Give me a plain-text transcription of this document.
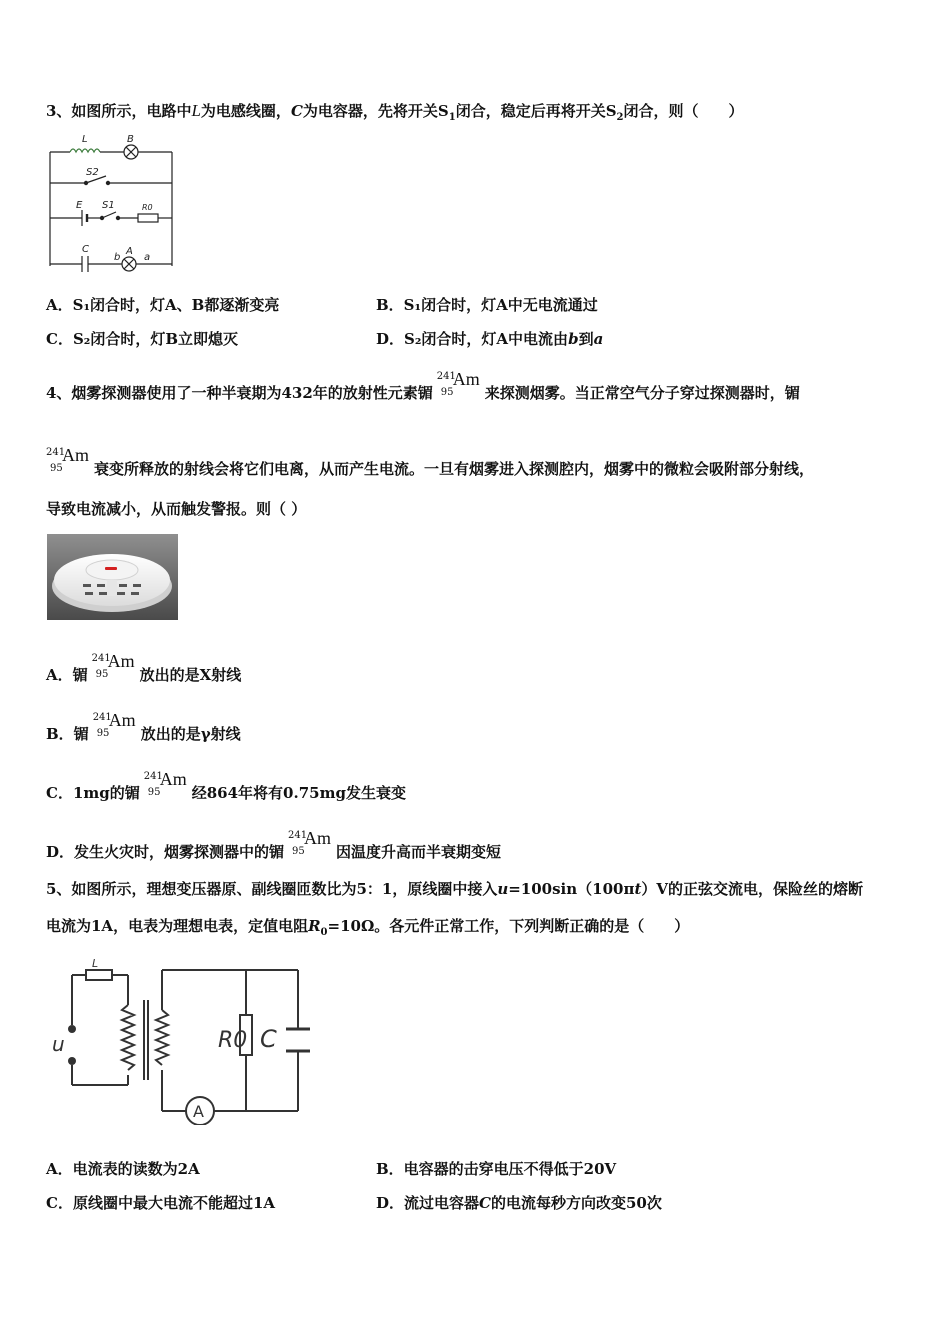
3、如图所示，电路中L为电感线圈，C为电容器，先将开关$S_1$闭合，稳定后再将开关$S_2$闭合，则（　　）
L	B
S2
E S1	R0
C
b
A
a
A．S₁闭合时，灯A、B都逐渐变亮	B．S₁闭合时，灯A中无电流通过
C．S₂闭合时，灯B立即熄灭	D．S₂闭合时，灯A中电流由b到a
4、烟雾探测器使用了一种半衰期为432年的放射性元素镅
241
95
Am
来探测烟雾。当正常空气分子穿过探测器时，镅
241
95
Am
衰变所释放的射线会将它们电离，从而产生电流。一旦有烟雾进入探测腔内，烟雾中的微粒会吸附部分射线，
导致电流减小，从而触发警报。则（ ）
A．镅
241
95
Am
放出的是X射线
B．镅
241
95
Am
放出的是γ射线
C．1mg的镅
241
95
Am
经864年将有0.75mg发生衰变
D．发生火灾时，烟雾探测器中的镅
241
95
Am
因温度升高而半衰期变短
5、如图所示，理想变压器原、副线圈匝数比为5：1，原线圈中接入u=100sin（100πt）V的正弦交流电，保险丝的熔断
电流为1A，电表为理想电表，定值电阻$R_0=10\Omega$。各元件正常工作，下列判断正确的是（　　）
L
u	R0 C
A
A．电流表的读数为2A	B．电容器的击穿电压不得低于20V
C．原线圈中最大电流不能超过1A	D．流过电容器C的电流每秒方向改变50次
